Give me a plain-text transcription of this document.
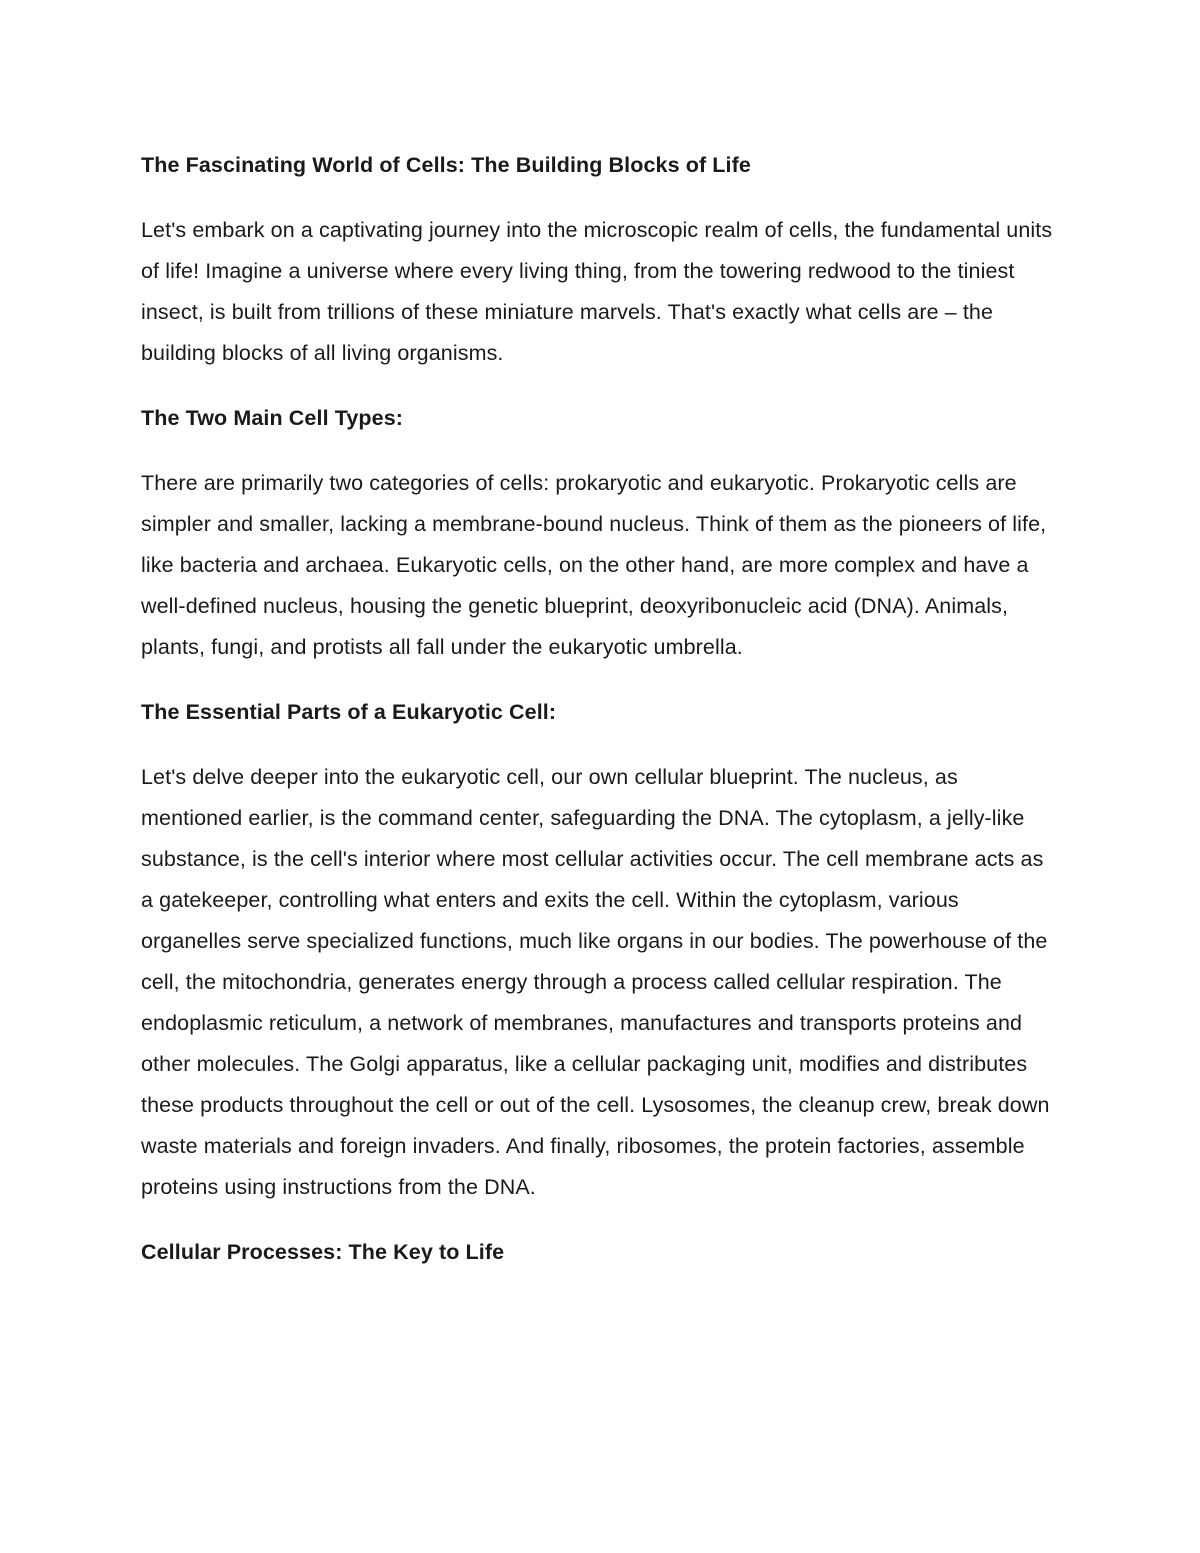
The Fascinating World of Cells: The Building Blocks of Life

Let's embark on a captivating journey into the microscopic realm of cells, the fundamental units of life! Imagine a universe where every living thing, from the towering redwood to the tiniest insect, is built from trillions of these miniature marvels. That's exactly what cells are – the building blocks of all living organisms.

The Two Main Cell Types:

There are primarily two categories of cells: prokaryotic and eukaryotic. Prokaryotic cells are simpler and smaller, lacking a membrane-bound nucleus. Think of them as the pioneers of life, like bacteria and archaea. Eukaryotic cells, on the other hand, are more complex and have a well-defined nucleus, housing the genetic blueprint, deoxyribonucleic acid (DNA). Animals, plants, fungi, and protists all fall under the eukaryotic umbrella.

The Essential Parts of a Eukaryotic Cell:

Let's delve deeper into the eukaryotic cell, our own cellular blueprint. The nucleus, as mentioned earlier, is the command center, safeguarding the DNA. The cytoplasm, a jelly-like substance, is the cell's interior where most cellular activities occur. The cell membrane acts as a gatekeeper, controlling what enters and exits the cell. Within the cytoplasm, various organelles serve specialized functions, much like organs in our bodies. The powerhouse of the cell, the mitochondria, generates energy through a process called cellular respiration. The endoplasmic reticulum, a network of membranes, manufactures and transports proteins and other molecules. The Golgi apparatus, like a cellular packaging unit, modifies and distributes these products throughout the cell or out of the cell. Lysosomes, the cleanup crew, break down waste materials and foreign invaders. And finally, ribosomes, the protein factories, assemble proteins using instructions from the DNA.

Cellular Processes: The Key to Life
